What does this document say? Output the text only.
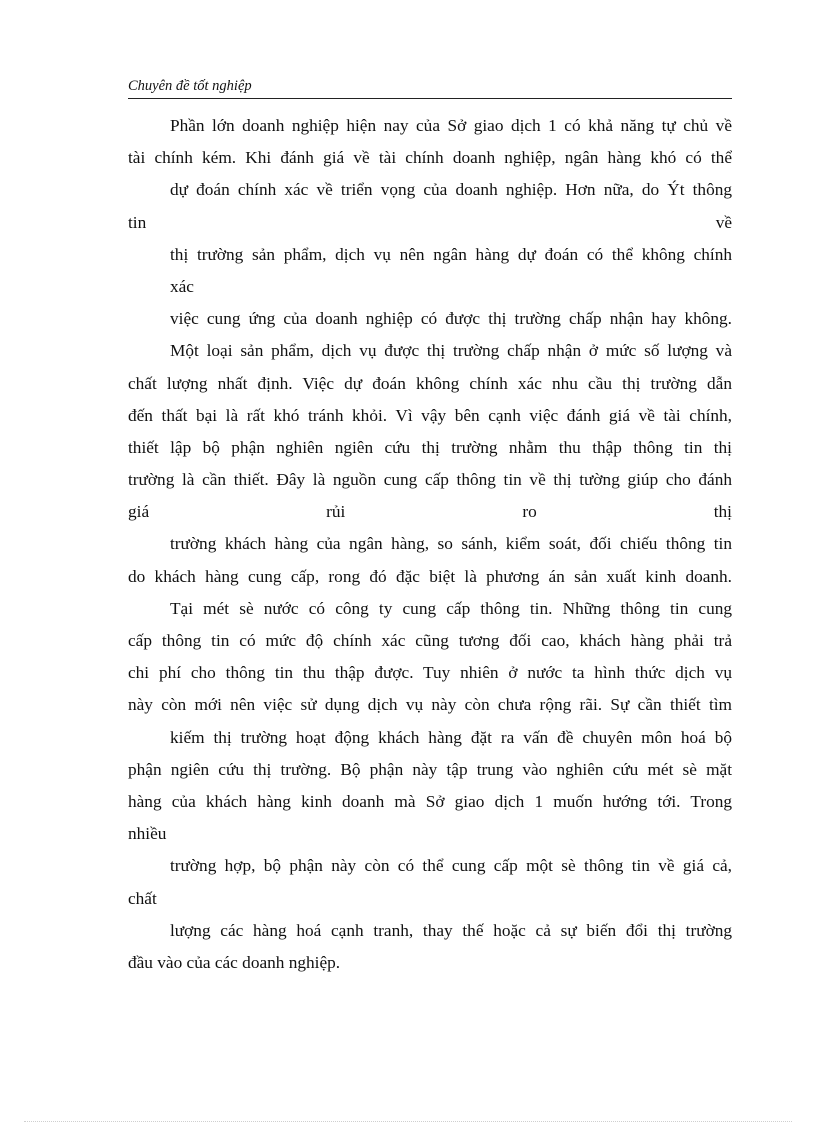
Chuyên đề tốt nghiệp
Phần lớn doanh nghiệp hiện nay của Sở giao dịch 1 có khả năng tự chủ về
tài chính kém. Khi đánh giá về tài chính doanh nghiệp, ngân hàng khó có thể
dự đoán chính xác về triển vọng của doanh nghiệp. Hơn nữa, do Ýt thông
tin về
thị trường sản phẩm, dịch vụ nên ngân hàng dự đoán có thể không chính
xác
việc cung ứng của doanh nghiệp có được thị trường chấp nhận hay không.
Một loại sản phẩm, dịch vụ được thị trường chấp nhận ở mức số lượng và
chất lượng nhất định. Việc dự đoán không chính xác nhu cầu thị trường dẫn
đến thất bại là rất khó tránh khỏi. Vì vậy bên cạnh việc đánh giá về tài chính,
thiết lập bộ phận nghiên ngiên cứu thị trường nhằm thu thập thông tin thị
trường là cần thiết. Đây là nguồn cung cấp thông tin về thị tường giúp cho đánh
giá rủi ro thị
trường khách hàng của ngân hàng, so sánh, kiểm soát, đối chiếu thông tin
do khách hàng cung cấp, rong đó đặc biệt là phương án sản xuất kinh doanh.
Tại mét sè nước có công ty cung cấp thông tin. Những thông tin cung
cấp thông tin có mức độ chính xác cũng tương đối cao, khách hàng phải trả
chi phí cho thông tin thu thập được. Tuy nhiên ở nước ta hình thức dịch vụ
này còn mới nên việc sử dụng dịch vụ này còn chưa rộng rãi. Sự cần thiết tìm
kiếm thị trường hoạt động khách hàng đặt ra vấn đề chuyên môn hoá bộ
phận ngiên cứu thị trường. Bộ phận này tập trung vào nghiên cứu mét sè mặt
hàng của khách hàng kinh doanh mà Sở giao dịch 1 muốn hướng tới. Trong
nhiều
trường hợp, bộ phận này còn có thể cung cấp một sè thông tin về giá cả,
chất
lượng các hàng hoá cạnh tranh, thay thế hoặc cả sự biến đổi thị trường
đầu vào của các doanh nghiệp.
